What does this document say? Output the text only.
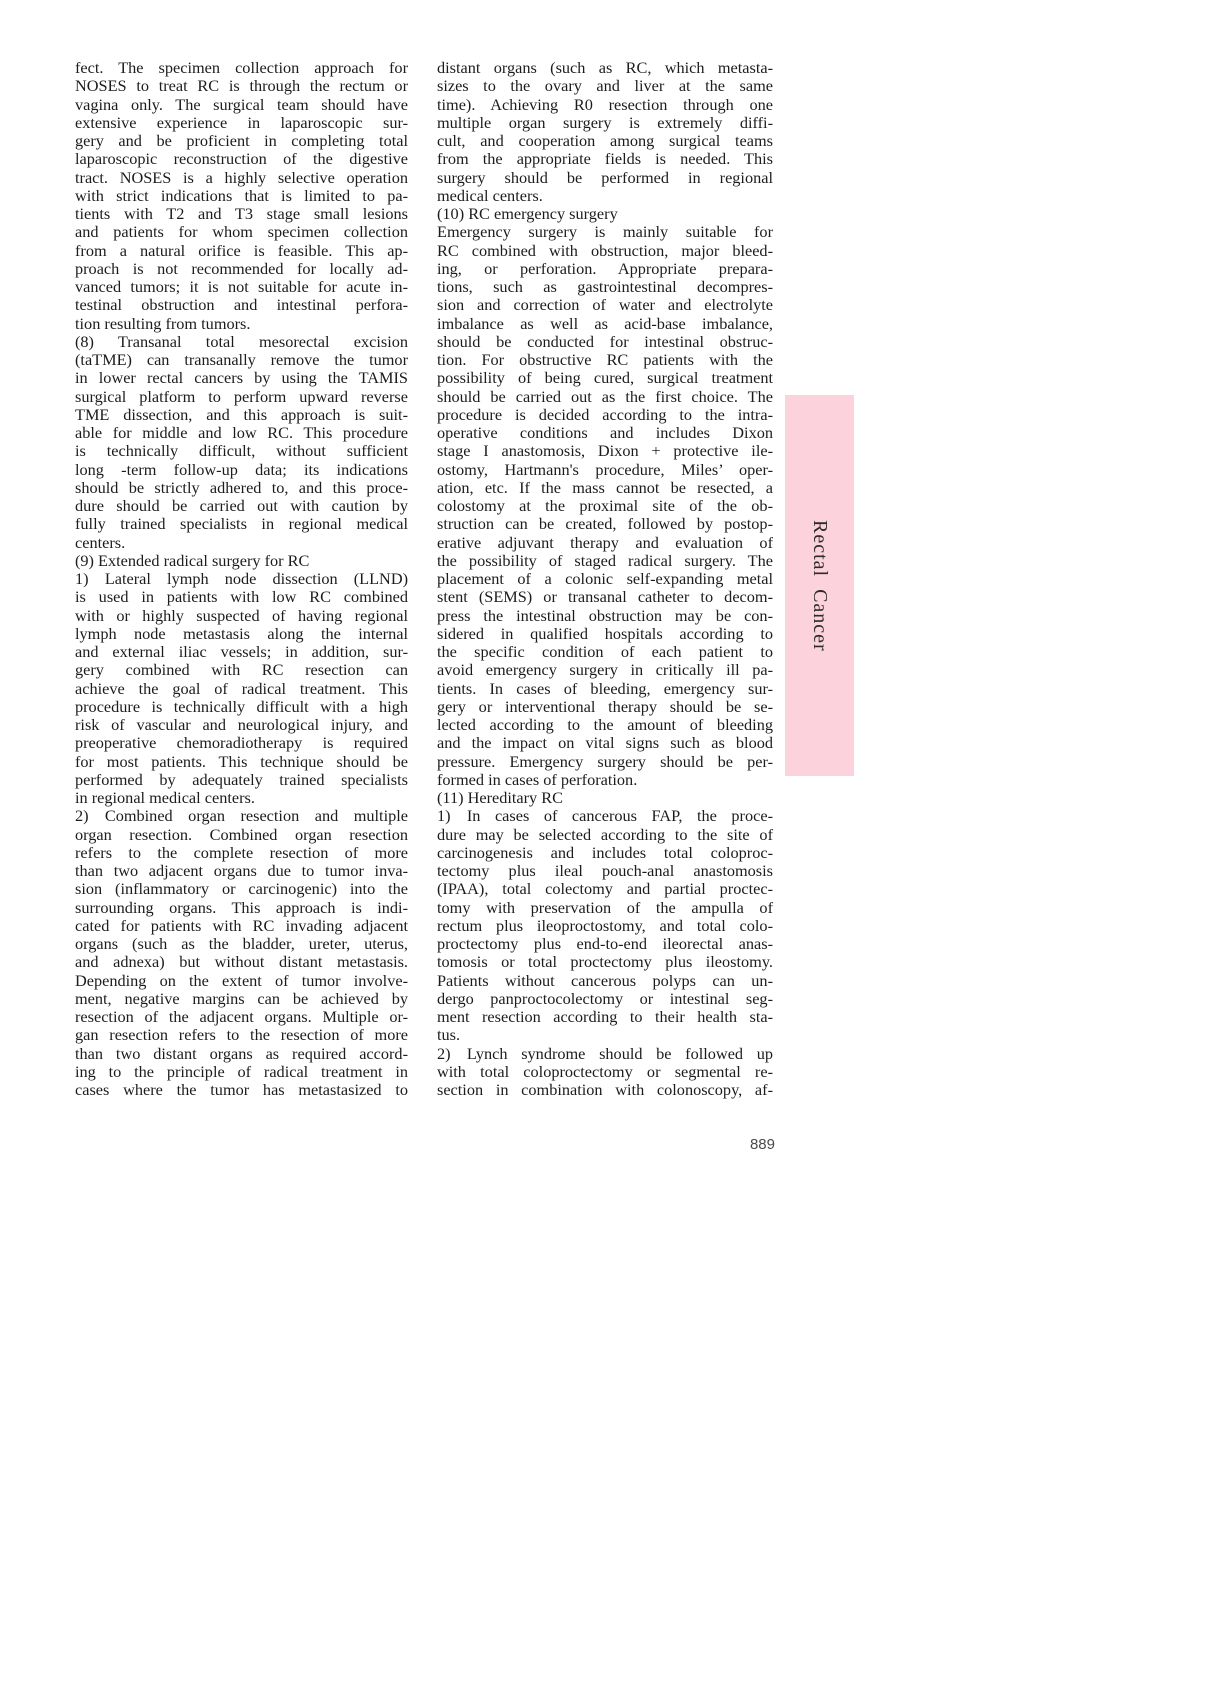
fect. The specimen collection approach for
NOSES to treat RC is through the rectum or
vagina only. The surgical team should have
extensive experience in laparoscopic sur-
gery and be proficient in completing total
laparoscopic reconstruction of the digestive
tract. NOSES is a highly selective operation
with strict indications that is limited to pa-
tients with T2 and T3 stage small lesions
and patients for whom specimen collection
from a natural orifice is feasible. This ap-
proach is not recommended for locally ad-
vanced tumors; it is not suitable for acute in-
testinal obstruction and intestinal perfora-
tion resulting from tumors.
(8) Transanal total mesorectal excision
(taTME) can transanally remove the tumor
in lower rectal cancers by using the TAMIS
surgical platform to perform upward reverse
TME dissection, and this approach is suit-
able for middle and low RC. This procedure
is technically difficult, without sufficient
long -term follow-up data; its indications
should be strictly adhered to, and this proce-
dure should be carried out with caution by
fully trained specialists in regional medical
centers.
(9) Extended radical surgery for RC
1) Lateral lymph node dissection (LLND)
is used in patients with low RC combined
with or highly suspected of having regional
lymph node metastasis along the internal
and external iliac vessels; in addition, sur-
gery combined with RC resection can
achieve the goal of radical treatment. This
procedure is technically difficult with a high
risk of vascular and neurological injury, and
preoperative chemoradiotherapy is required
for most patients. This technique should be
performed by adequately trained specialists
in regional medical centers.
2) Combined organ resection and multiple
organ resection. Combined organ resection
refers to the complete resection of more
than two adjacent organs due to tumor inva-
sion (inflammatory or carcinogenic) into the
surrounding organs. This approach is indi-
cated for patients with RC invading adjacent
organs (such as the bladder, ureter, uterus,
and adnexa) but without distant metastasis.
Depending on the extent of tumor involve-
ment, negative margins can be achieved by
resection of the adjacent organs. Multiple or-
gan resection refers to the resection of more
than two distant organs as required accord-
ing to the principle of radical treatment in
cases where the tumor has metastasized to
distant organs (such as RC, which metasta-
sizes to the ovary and liver at the same
time). Achieving R0 resection through one
multiple organ surgery is extremely diffi-
cult, and cooperation among surgical teams
from the appropriate fields is needed. This
surgery should be performed in regional
medical centers.
(10) RC emergency surgery
Emergency surgery is mainly suitable for
RC combined with obstruction, major bleed-
ing, or perforation. Appropriate prepara-
tions, such as gastrointestinal decompres-
sion and correction of water and electrolyte
imbalance as well as acid-base imbalance,
should be conducted for intestinal obstruc-
tion. For obstructive RC patients with the
possibility of being cured, surgical treatment
should be carried out as the first choice. The
procedure is decided according to the intra-
operative conditions and includes Dixon
stage I anastomosis, Dixon + protective ile-
ostomy, Hartmann's procedure, Miles’ oper-
ation, etc. If the mass cannot be resected, a
colostomy at the proximal site of the ob-
struction can be created, followed by postop-
erative adjuvant therapy and evaluation of
the possibility of staged radical surgery. The
placement of a colonic self-expanding metal
stent (SEMS) or transanal catheter to decom-
press the intestinal obstruction may be con-
sidered in qualified hospitals according to
the specific condition of each patient to
avoid emergency surgery in critically ill pa-
tients. In cases of bleeding, emergency sur-
gery or interventional therapy should be se-
lected according to the amount of bleeding
and the impact on vital signs such as blood
pressure. Emergency surgery should be per-
formed in cases of perforation.
(11) Hereditary RC
1) In cases of cancerous FAP, the proce-
dure may be selected according to the site of
carcinogenesis and includes total coloproc-
tectomy plus ileal pouch-anal anastomosis
(IPAA), total colectomy and partial proctec-
tomy with preservation of the ampulla of
rectum plus ileoproctostomy, and total colo-
proctectomy plus end-to-end ileorectal anas-
tomosis or total proctectomy plus ileostomy.
Patients without cancerous polyps can un-
dergo panproctocolectomy or intestinal seg-
ment resection according to their health sta-
tus.
2) Lynch syndrome should be followed up
with total coloproctectomy or segmental re-
section in combination with colonoscopy, af-
Rectal Cancer
889
